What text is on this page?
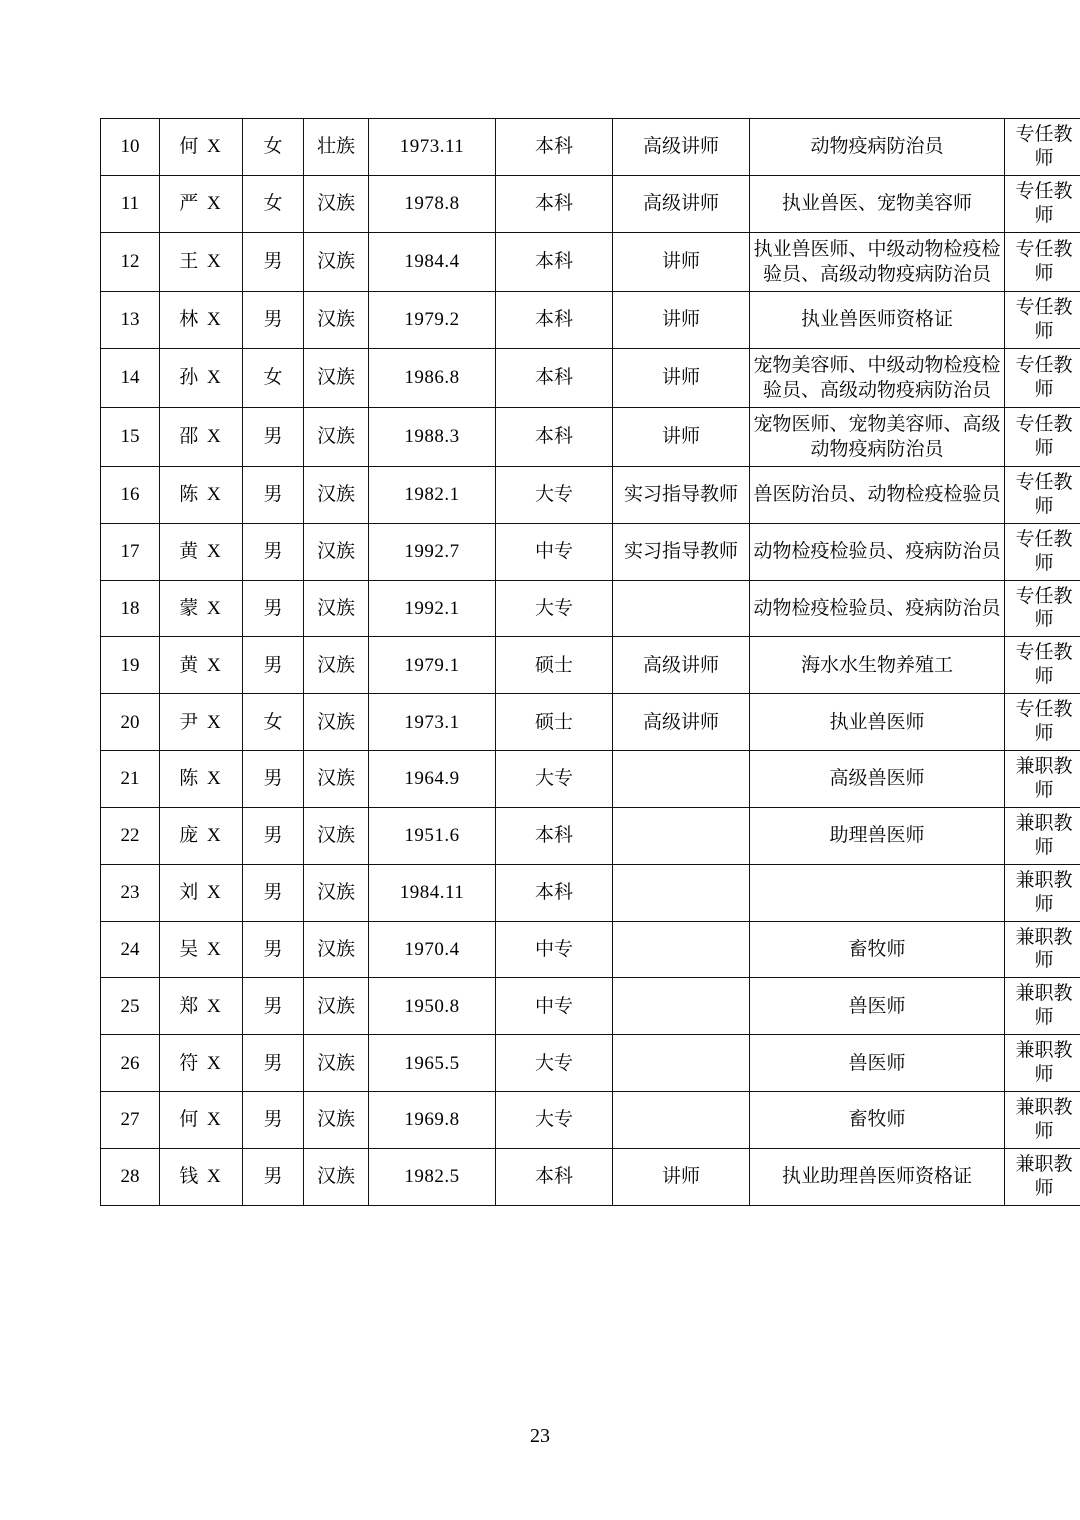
10	何 X	女	壮族	1973.11	本科	高级讲师	动物疫病防治员	专任教师
11	严 X	女	汉族	1978.8	本科	高级讲师	执业兽医、宠物美容师	专任教师
12	王 X	男	汉族	1984.4	本科	讲师	执业兽医师、中级动物检疫检验员、高级动物疫病防治员	专任教师
13	林 X	男	汉族	1979.2	本科	讲师	执业兽医师资格证	专任教师
14	孙 X	女	汉族	1986.8	本科	讲师	宠物美容师、中级动物检疫检验员、高级动物疫病防治员	专任教师
15	邵 X	男	汉族	1988.3	本科	讲师	宠物医师、宠物美容师、高级动物疫病防治员	专任教师
16	陈 X	男	汉族	1982.1	大专	实习指导教师	兽医防治员、动物检疫检验员	专任教师
17	黄 X	男	汉族	1992.7	中专	实习指导教师	动物检疫检验员、疫病防治员	专任教师
18	蒙 X	男	汉族	1992.1	大专		动物检疫检验员、疫病防治员	专任教师
19	黄 X	男	汉族	1979.1	硕士	高级讲师	海水水生物养殖工	专任教师
20	尹 X	女	汉族	1973.1	硕士	高级讲师	执业兽医师	专任教师
21	陈 X	男	汉族	1964.9	大专		高级兽医师	兼职教师
22	庞 X	男	汉族	1951.6	本科		助理兽医师	兼职教师
23	刘 X	男	汉族	1984.11	本科			兼职教师
24	吴 X	男	汉族	1970.4	中专		畜牧师	兼职教师
25	郑 X	男	汉族	1950.8	中专		兽医师	兼职教师
26	符 X	男	汉族	1965.5	大专		兽医师	兼职教师
27	何 X	男	汉族	1969.8	大专		畜牧师	兼职教师
28	钱 X	男	汉族	1982.5	本科	讲师	执业助理兽医师资格证	兼职教师
23
